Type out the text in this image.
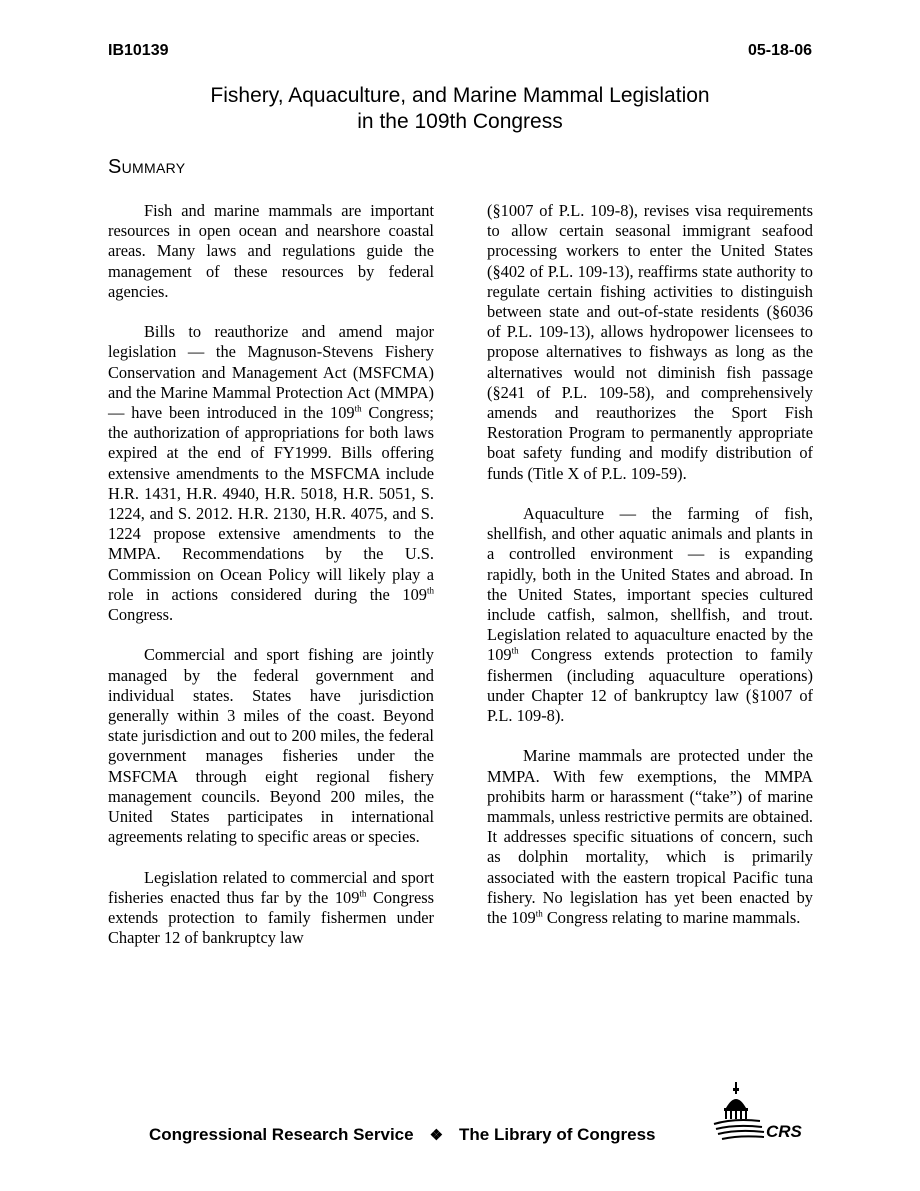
IB10139	05-18-06
Fishery, Aquaculture, and Marine Mammal Legislation
in the 109th Congress
Summary

Fish and marine mammals are important resources in open ocean and nearshore coastal areas. Many laws and regulations guide the management of these resources by federal agencies.

Bills to reauthorize and amend major legislation — the Magnuson-Stevens Fishery Conservation and Management Act (MSFCMA) and the Marine Mammal Protection Act (MMPA) — have been introduced in the 109th Congress; the authorization of appropriations for both laws expired at the end of FY1999. Bills offering extensive amendments to the MSFCMA include H.R. 1431, H.R. 4940, H.R. 5018, H.R. 5051, S. 1224, and S. 2012. H.R. 2130, H.R. 4075, and S. 1224 propose extensive amendments to the MMPA. Recommendations by the U.S. Commission on Ocean Policy will likely play a role in actions considered during the 109th Congress.

Commercial and sport fishing are jointly managed by the federal government and individual states. States have jurisdiction generally within 3 miles of the coast. Beyond state jurisdiction and out to 200 miles, the federal government manages fisheries under the MSFCMA through eight regional fishery management councils. Beyond 200 miles, the United States participates in international agreements relating to specific areas or species.

Legislation related to commercial and sport fisheries enacted thus far by the 109th Congress extends protection to family fishermen under Chapter 12 of bankruptcy law

(§1007 of P.L. 109-8), revises visa requirements to allow certain seasonal immigrant seafood processing workers to enter the United States (§402 of P.L. 109-13), reaffirms state authority to regulate certain fishing activities to distinguish between state and out-of-state residents (§6036 of P.L. 109-13), allows hydropower licensees to propose alternatives to fishways as long as the alternatives would not diminish fish passage (§241 of P.L. 109-58), and comprehensively amends and reauthorizes the Sport Fish Restoration Program to permanently appropriate boat safety funding and modify distribution of funds (Title X of P.L. 109-59).

Aquaculture — the farming of fish, shellfish, and other aquatic animals and plants in a controlled environment — is expanding rapidly, both in the United States and abroad. In the United States, important species cultured include catfish, salmon, shellfish, and trout. Legislation related to aquaculture enacted by the 109th Congress extends protection to family fishermen (including aquaculture operations) under Chapter 12 of bankruptcy law (§1007 of P.L. 109-8).

Marine mammals are protected under the MMPA. With few exemptions, the MMPA prohibits harm or harassment (“take”) of marine mammals, unless restrictive permits are obtained. It addresses specific situations of concern, such as dolphin mortality, which is primarily associated with the eastern tropical Pacific tuna fishery. No legislation has yet been enacted by the 109th Congress relating to marine mammals.

Congressional Research Service ❖ The Library of Congress	CRS
